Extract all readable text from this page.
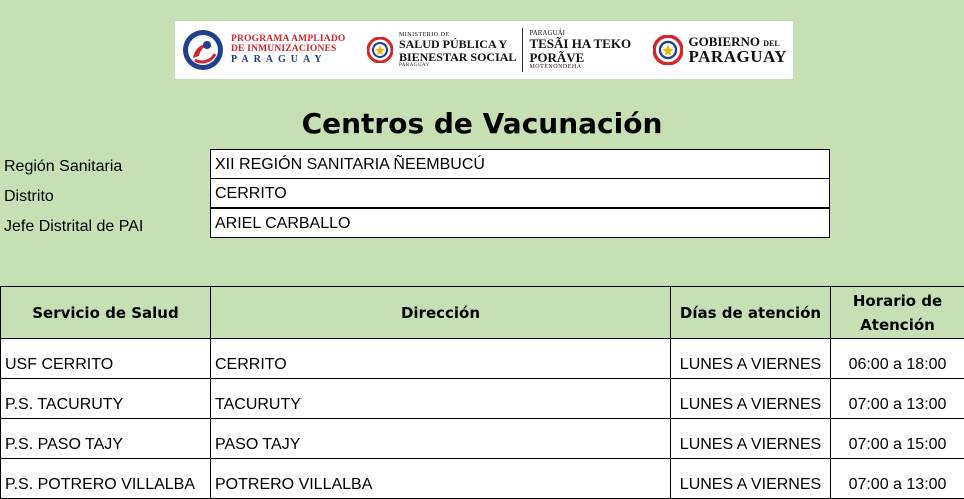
PROGRAMA AMPLIADO
DE INMUNIZACIONES
PARAGUAY
MINISTERIO DE
SALUD PÚBLICA Y
BIENESTAR SOCIAL
PARAGUAY
PARAGUÁI
TESÃI HA TEKO
PORÃVE
MOTENONDEHA
GOBIERNO DEL
PARAGUAY
Centros de Vacunación
Región Sanitaria	XII REGIÓN SANITARIA ÑEEMBUCÚ
Distrito	CERRITO
Jefe Distrital de PAI	ARIEL CARBALLO
Servicio de Salud	Dirección	Días de atención	Horario de Atención
USF CERRITO	CERRITO	LUNES A VIERNES	06:00 a 18:00
P.S. TACURUTY	TACURUTY	LUNES A VIERNES	07:00 a 13:00
P.S. PASO TAJY	PASO TAJY	LUNES A VIERNES	07:00 a 15:00
P.S. POTRERO VILLALBA	POTRERO VILLALBA	LUNES A VIERNES	07:00 a 13:00
